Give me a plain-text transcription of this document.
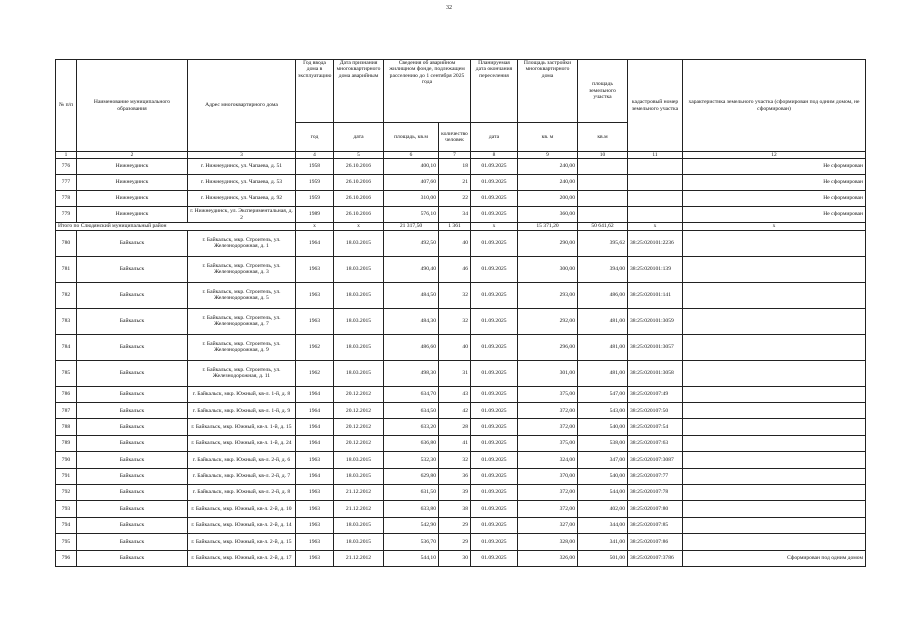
32
№ п/п	Наименование муниципального образования	Адрес многоквартирного дома	Год ввода дома в эксплуатацию	Дата признания многоквартирного дома аварийным	Сведения об аварийном жилищном фонде, подлежащем расселению до 1 сентября 2025 года		Планируемая дата окончания переселения	Площадь застройки многоквартирного дома	площадь земельного участка	кадастровый номер земельного участка	характеристика земельного участка (сформирован под одним домом, не сформирован)
			год	дата	площадь, кв.м	количество человек	дата	кв. м	кв.м		
1	2	3	4	5	6	7	8	9	10	11	12
776	Нижнеудинск	г. Нижнеудинск, ул. Чапаева, д. 51	1958	26.10.2016	400,10	18	01.09.2025	240,00			Не сформирован
777	Нижнеудинск	г. Нижнеудинск, ул. Чапаева, д. 53	1959	26.10.2016	407,60	21	01.09.2025	240,00			Не сформирован
778	Нижнеудинск	г. Нижнеудинск, ул. Чапаева, д. 92	1959	26.10.2016	310,00	22	01.09.2025	200,00			Не сформирован
779	Нижнеудинск	г. Нижнеудинск, ул. Экспериментальная, д. 2	1989	26.10.2016	576,10	34	01.09.2025	360,00			Не сформирован
Итого по Слюдянский муниципальный район			х	х	21 317,50	1 361	х	15 371,20	50 641,62	х	х
780	Байкальск	г. Байкальск, мкр. Строитель, ул. Железнодорожная, д. 1	1964	18.03.2015	492,50	40	01.09.2025	290,00	395,62	38:25:020101:2236	
781	Байкальск	г. Байкальск, мкр. Строитель, ул. Железнодорожная, д. 3	1963	18.03.2015	490,40	46	01.09.2025	300,00	394,00	38:25:020101:139	
782	Байкальск	г. Байкальск, мкр. Строитель, ул. Железнодорожная, д. 5	1963	18.03.2015	484,50	32	01.09.2025	293,00	486,00	38:25:020101:141	
783	Байкальск	г. Байкальск, мкр. Строитель, ул. Железнодорожная, д. 7	1963	18.03.2015	484,30	32	01.09.2025	292,00	481,00	38:25:020101:3059	
784	Байкальск	г. Байкальск, мкр. Строитель, ул. Железнодорожная, д. 9	1962	18.03.2015	486,60	40	01.09.2025	296,00	481,00	38:25:020101:3057	
785	Байкальск	г. Байкальск, мкр. Строитель, ул. Железнодорожная, д. 11	1962	18.03.2015	498,30	31	01.09.2025	301,00	481,00	38:25:020101:3058	
786	Байкальск	г. Байкальск, мкр. Южный, кв-л. 1-й, д. 8	1964	20.12.2012	634,70	43	01.09.2025	375,00	547,00	38:25:020107:49	
787	Байкальск	г. Байкальск, мкр. Южный, кв-л. 1-й, д. 9	1964	20.12.2012	634,50	42	01.09.2025	372,00	543,00	38:25:020107:50	
788	Байкальск	г. Байкальск, мкр. Южный, кв-л. 1-й, д. 15	1964	20.12.2012	633,20	28	01.09.2025	372,00	540,00	38:25:020107:54	
789	Байкальск	г. Байкальск, мкр. Южный, кв-л. 1-й, д. 24	1964	20.12.2012	636,80	41	01.09.2025	375,00	538,00	38:25:020107:63	
790	Байкальск	г. Байкальск, мкр. Южный, кв-л. 2-й, д. 6	1963	18.03.2015	532,30	32	01.09.2025	324,00	347,00	38:25:020107:3087	
791	Байкальск	г. Байкальск, мкр. Южный, кв-л. 2-й, д. 7	1964	18.03.2015	629,80	36	01.09.2025	370,00	540,00	38:25:020107:77	
792	Байкальск	г. Байкальск, мкр. Южный, кв-л. 2-й, д. 8	1963	21.12.2012	631,50	39	01.09.2025	372,00	544,00	38:25:020107:78	
793	Байкальск	г. Байкальск, мкр. Южный, кв-л. 2-й, д. 10	1963	21.12.2012	633,80	38	01.09.2025	372,00	402,00	38:25:020107:80	
794	Байкальск	г. Байкальск, мкр. Южный, кв-л. 2-й, д. 14	1963	18.03.2015	542,90	29	01.09.2025	327,00	344,00	38:25:020107:85	
795	Байкальск	г. Байкальск, мкр. Южный, кв-л. 2-й, д. 15	1963	18.03.2015	536,70	29	01.09.2025	328,00	341,00	38:25:020107:86	
796	Байкальск	г. Байкальск, мкр. Южный, кв-л. 2-й, д. 17	1963	21.12.2012	544,10	30	01.09.2025	326,00	501,00	38:25:020107:3786	Сформирован под одним домом
